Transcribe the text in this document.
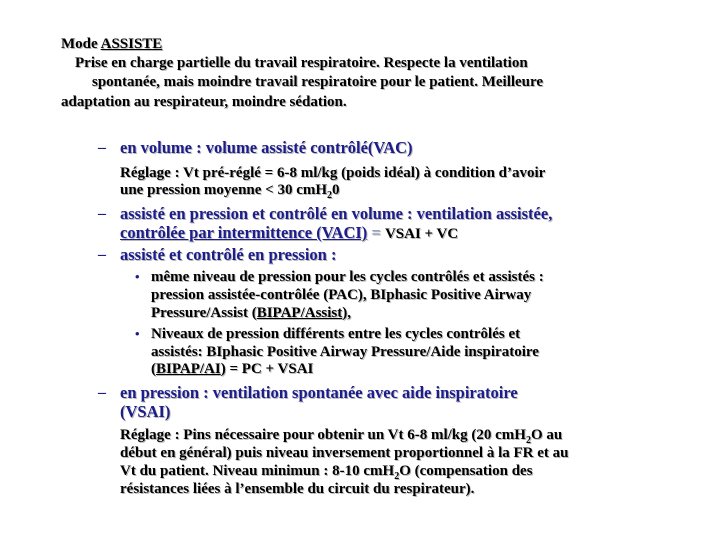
Mode ASSISTE
Prise en charge partielle du travail respiratoire. Respecte la ventilation
spontanée, mais moindre travail respiratoire pour le patient. Meilleure
adaptation au respirateur, moindre sédation.
– en volume : volume assisté contrôlé(VAC)
Réglage : Vt pré-réglé = 6-8 ml/kg (poids idéal) à condition d’avoir
une pression moyenne < 30 cmH$_2$0
– assisté en pression et contrôlé en volume : ventilation assistée,
contrôlée par intermittence (VACI) = VSAI + VC
– assisté et contrôlé en pression :
• même niveau de pression pour les cycles contrôlés et assistés :
pression assistée-contrôlée (PAC), BIphasic Positive Airway
Pressure/Assist (BIPAP/Assist),
• Niveaux de pression différents entre les cycles contrôlés et
assistés: BIphasic Positive Airway Pressure/Aide inspiratoire
(BIPAP/AI) = PC + VSAI
– en pression : ventilation spontanée avec aide inspiratoire
(VSAI)
Réglage : Pins nécessaire pour obtenir un Vt 6-8 ml/kg (20 cmH$_2$O au
début en général) puis niveau inversement proportionnel à la FR et au
Vt du patient. Niveau minimun : 8-10 cmH$_2$O (compensation des
résistances liées à l’ensemble du circuit du respirateur).
